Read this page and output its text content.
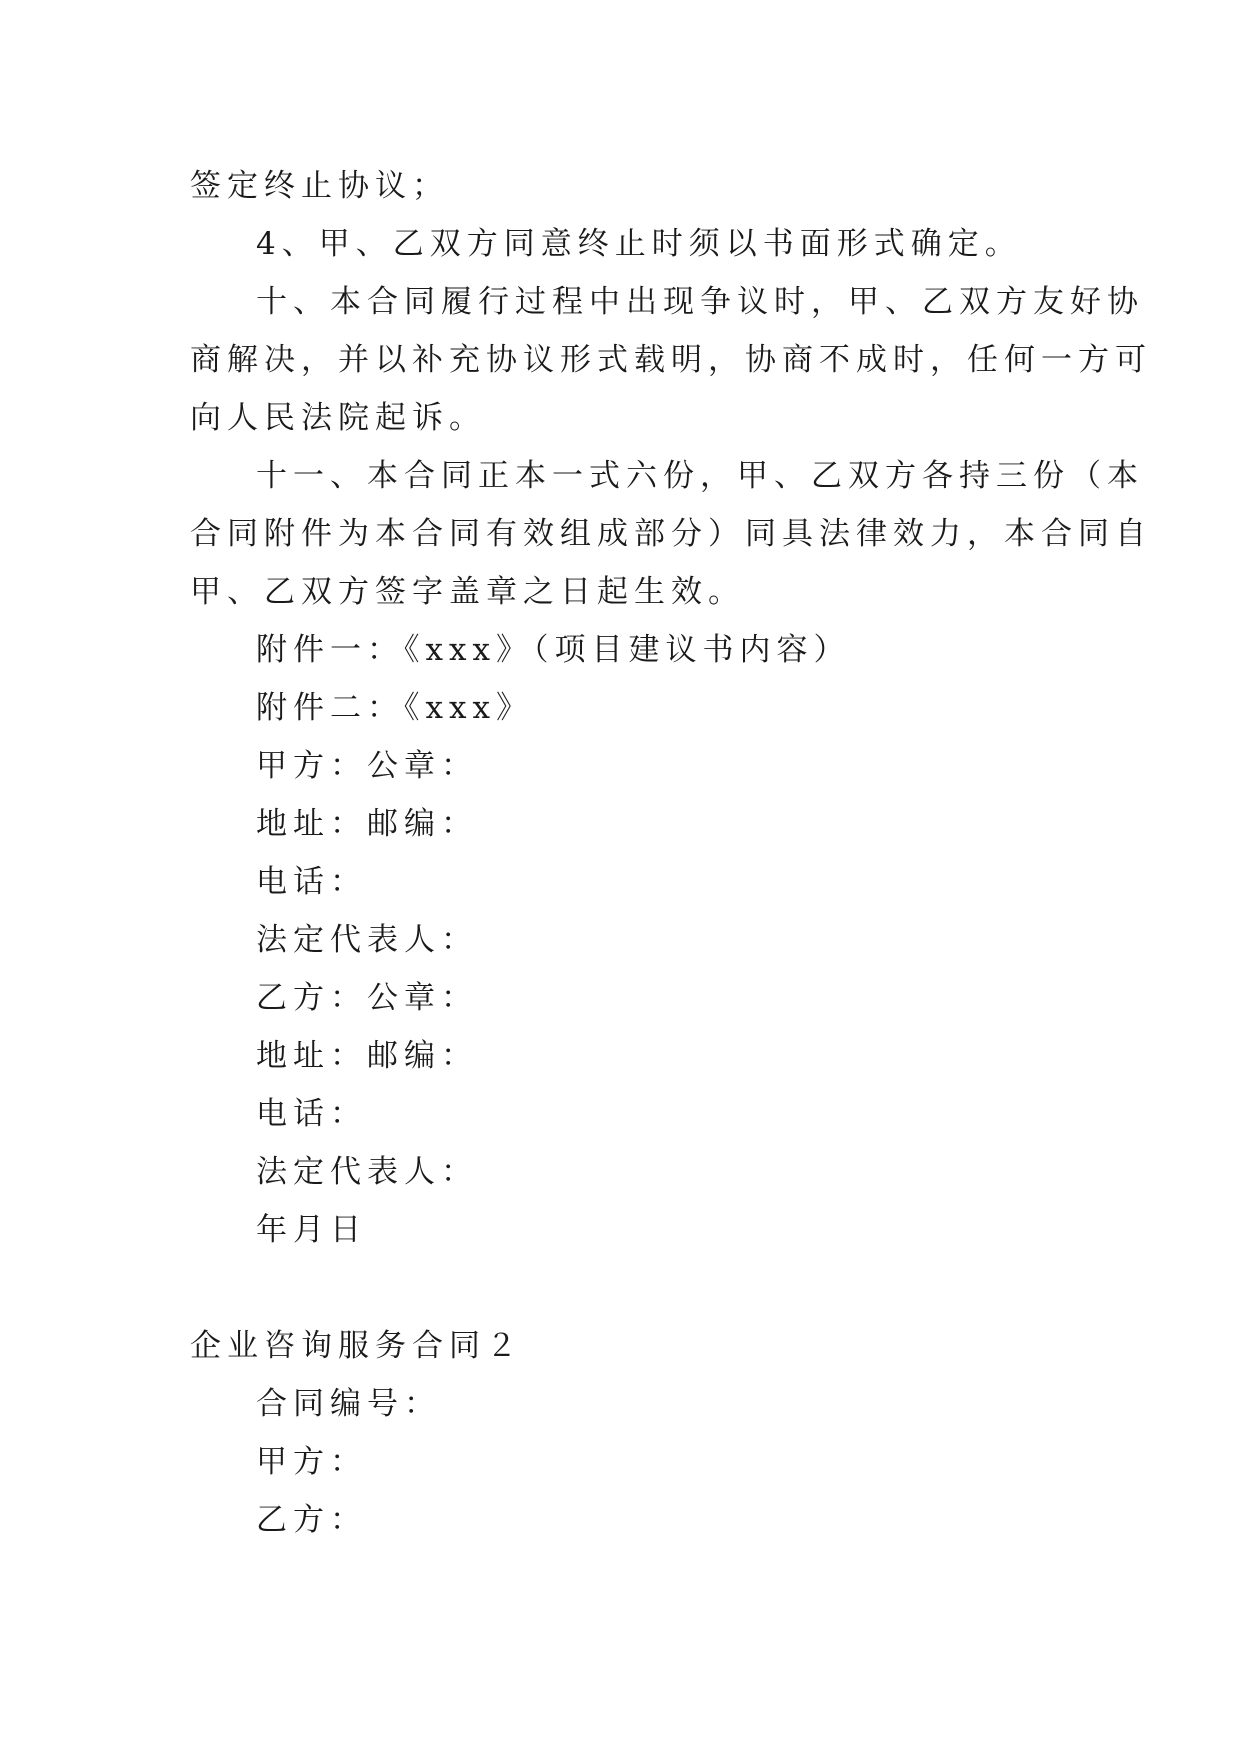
签定终止协议；
4、甲、乙双方同意终止时须以书面形式确定。
十、本合同履行过程中出现争议时，甲、乙双方友好协
商解决，并以补充协议形式载明，协商不成时，任何一方可
向人民法院起诉。
十一、本合同正本一式六份，甲、乙双方各持三份（本
合同附件为本合同有效组成部分）同具法律效力，本合同自
甲、乙双方签字盖章之日起生效。
附件一：《xxx》（项目建议书内容）
附件二：《xxx》
甲方：公章：
地址：邮编：
电话：
法定代表人：
乙方：公章：
地址：邮编：
电话：
法定代表人：
年月日
企业咨询服务合同２
合同编号：
甲方：
乙方：
